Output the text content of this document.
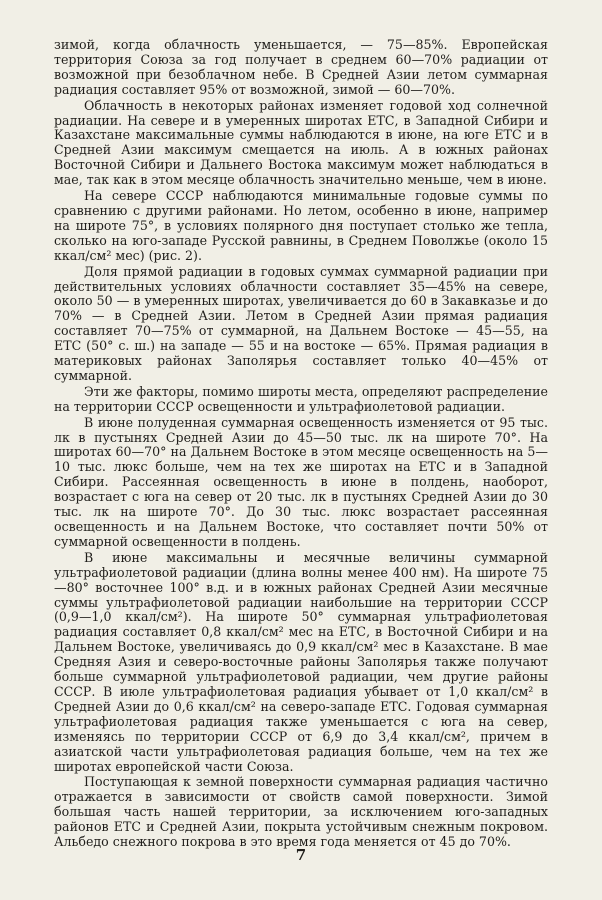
зимой, когда облачность уменьшается, — 75—85%. Европейская территория Союза за год получает в среднем 60—70% радиации от возможной при безоблачном небе. В Средней Азии летом суммарная радиация составляет 95% от возможной, зимой — 60—70%.

Облачность в некоторых районах изменяет годовой ход солнечной радиации. На севере и в умеренных широтах ЕТС, в Западной Сибири и Казахстане максимальные суммы наблюдаются в июне, на юге ЕТС и в Средней Азии максимум смещается на июль. А в южных районах Восточной Сибири и Дальнего Востока максимум может наблюдаться в мае, так как в этом месяце облачность значительно меньше, чем в июне.

На севере СССР наблюдаются минимальные годовые суммы по сравнению с другими районами. Но летом, особенно в июне, например на широте 75°, в условиях полярного дня поступает столько же тепла, сколько на юго-западе Русской равнины, в Среднем Поволжье (около 15 ккал/см² мес) (рис. 2).

Доля прямой радиации в годовых суммах суммарной радиации при действительных условиях облачности составляет 35—45% на севере, около 50 — в умеренных широтах, увеличивается до 60 в Закавказье и до 70% — в Средней Азии. Летом в Средней Азии прямая радиация составляет 70—75% от суммарной, на Дальнем Востоке — 45—55, на ЕТС (50° с. ш.) на западе — 55 и на востоке — 65%. Прямая радиация в материковых районах Заполярья составляет только 40—45% от суммарной.

Эти же факторы, помимо широты места, определяют распределение на территории СССР освещенности и ультрафиолетовой радиации.

В июне полуденная суммарная освещенность изменяется от 95 тыс. лк в пустынях Средней Азии до 45—50 тыс. лк на широте 70°. На широтах 60—70° на Дальнем Востоке в этом месяце освещенность на 5—10 тыс. люкс больше, чем на тех же широтах на ЕТС и в Западной Сибири. Рассеянная освещенность в июне в полдень, наоборот, возрастает с юга на север от 20 тыс. лк в пустынях Средней Азии до 30 тыс. лк на широте 70°. До 30 тыс. люкс возрастает рассеянная освещенность и на Дальнем Востоке, что составляет почти 50% от суммарной освещенности в полдень.

В июне максимальны и месячные величины суммарной ультрафиолетовой радиации (длина волны менее 400 нм). На широте 75—80° восточнее 100° в.д. и в южных районах Средней Азии месячные суммы ультрафиолетовой радиации наибольшие на территории СССР (0,9—1,0 ккал/см²). На широте 50° суммарная ультрафиолетовая радиация составляет 0,8 ккал/см² мес на ЕТС, в Восточной Сибири и на Дальнем Востоке, увеличиваясь до 0,9 ккал/см² мес в Казахстане. В мае Средняя Азия и северо-восточные районы Заполярья также получают больше суммарной ультрафиолетовой радиации, чем другие районы СССР. В июле ультрафиолетовая радиация убывает от 1,0 ккал/см² в Средней Азии до 0,6 ккал/см² на северо-западе ЕТС. Годовая суммарная ультрафиолетовая радиация также уменьшается с юга на север, изменяясь по территории СССР от 6,9 до 3,4 ккал/см², причем в азиатской части ультрафиолетовая радиация больше, чем на тех же широтах европейской части Союза.

Поступающая к земной поверхности суммарная радиация частично отражается в зависимости от свойств самой поверхности. Зимой большая часть нашей территории, за исключением юго-западных районов ЕТС и Средней Азии, покрыта устойчивым снежным покровом. Альбедо снежного покрова в это время года меняется от 45 до 70%.

7
